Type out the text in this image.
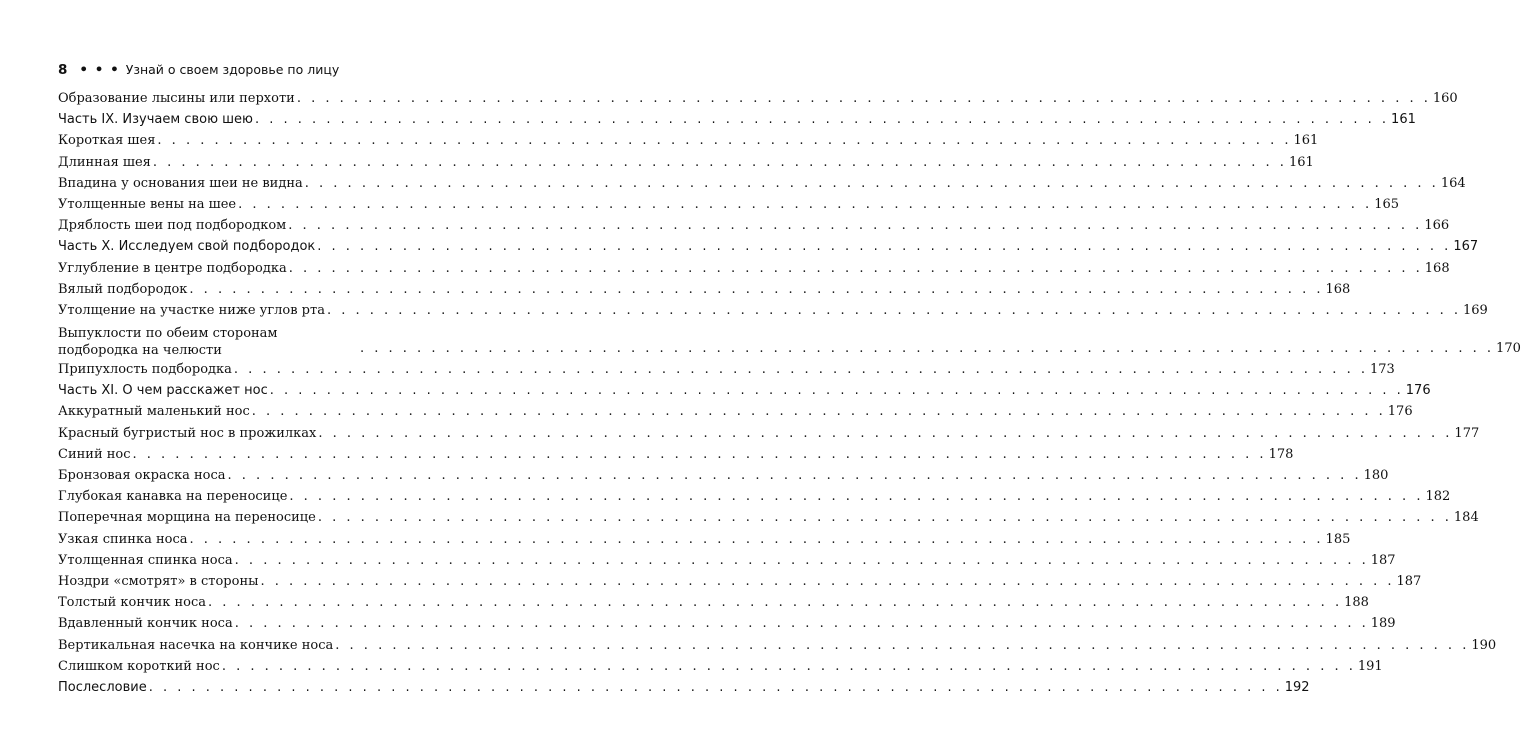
8 • • • Узнай о своем здоровье по лицу
Образование лысины или перхоти . . . . . . . . . . . . . . . . . . . . . . . . . . . . . . . . . . . . . . . . . . . . . . . . . . . . . . . . . . . . . . . . . . . . . . . . . . . . . . . . 160
Часть IX. Изучаем свою шею . . . . . . . . . . . . . . . . . . . . . . . . . . . . . . . . . . . . . . . . . . . . . . . . . . . . . . . . . . . . . . . . . . . . . . . . . . . . . . . . 161
Короткая шея . . . . . . . . . . . . . . . . . . . . . . . . . . . . . . . . . . . . . . . . . . . . . . . . . . . . . . . . . . . . . . . . . . . . . . . . . . . . . . . . 161
Длинная шея . . . . . . . . . . . . . . . . . . . . . . . . . . . . . . . . . . . . . . . . . . . . . . . . . . . . . . . . . . . . . . . . . . . . . . . . . . . . . . . . 161
Впадина у основания шеи не видна . . . . . . . . . . . . . . . . . . . . . . . . . . . . . . . . . . . . . . . . . . . . . . . . . . . . . . . . . . . . . . . . . . . . . . . . . . . . . . . . 164
Утолщенные вены на шее . . . . . . . . . . . . . . . . . . . . . . . . . . . . . . . . . . . . . . . . . . . . . . . . . . . . . . . . . . . . . . . . . . . . . . . . . . . . . . . . 165
Дряблость шеи под подбородком . . . . . . . . . . . . . . . . . . . . . . . . . . . . . . . . . . . . . . . . . . . . . . . . . . . . . . . . . . . . . . . . . . . . . . . . . . . . . . . . 166
Часть X. Исследуем свой подбородок . . . . . . . . . . . . . . . . . . . . . . . . . . . . . . . . . . . . . . . . . . . . . . . . . . . . . . . . . . . . . . . . . . . . . . . . . . . . . . . . 167
Углубление в центре подбородка . . . . . . . . . . . . . . . . . . . . . . . . . . . . . . . . . . . . . . . . . . . . . . . . . . . . . . . . . . . . . . . . . . . . . . . . . . . . . . . . 168
Вялый подбородок . . . . . . . . . . . . . . . . . . . . . . . . . . . . . . . . . . . . . . . . . . . . . . . . . . . . . . . . . . . . . . . . . . . . . . . . . . . . . . . . 168
Утолщение на участке ниже углов рта . . . . . . . . . . . . . . . . . . . . . . . . . . . . . . . . . . . . . . . . . . . . . . . . . . . . . . . . . . . . . . . . . . . . . . . . . . . . . . . . 169
Выпуклости по обеим сторонам подбородка на челюсти	. . . . . . . . . . . . . . . . . . . . . . . . . . . . . . . . . . . . . . . . . . . . . . . . . . . . . . . . . . . . . . . . . . . . . . . . . . . . . . . . 170
Припухлость подбородка . . . . . . . . . . . . . . . . . . . . . . . . . . . . . . . . . . . . . . . . . . . . . . . . . . . . . . . . . . . . . . . . . . . . . . . . . . . . . . . . 173
Часть XI. О чем расскажет нос . . . . . . . . . . . . . . . . . . . . . . . . . . . . . . . . . . . . . . . . . . . . . . . . . . . . . . . . . . . . . . . . . . . . . . . . . . . . . . . . 176
Аккуратный маленький нос . . . . . . . . . . . . . . . . . . . . . . . . . . . . . . . . . . . . . . . . . . . . . . . . . . . . . . . . . . . . . . . . . . . . . . . . . . . . . . . . 176
Красный бугристый нос в прожилках . . . . . . . . . . . . . . . . . . . . . . . . . . . . . . . . . . . . . . . . . . . . . . . . . . . . . . . . . . . . . . . . . . . . . . . . . . . . . . . . 177
Синий нос . . . . . . . . . . . . . . . . . . . . . . . . . . . . . . . . . . . . . . . . . . . . . . . . . . . . . . . . . . . . . . . . . . . . . . . . . . . . . . . . 178
Бронзовая окраска носа . . . . . . . . . . . . . . . . . . . . . . . . . . . . . . . . . . . . . . . . . . . . . . . . . . . . . . . . . . . . . . . . . . . . . . . . . . . . . . . . 180
Глубокая канавка на переносице . . . . . . . . . . . . . . . . . . . . . . . . . . . . . . . . . . . . . . . . . . . . . . . . . . . . . . . . . . . . . . . . . . . . . . . . . . . . . . . . 182
Поперечная морщина на переносице . . . . . . . . . . . . . . . . . . . . . . . . . . . . . . . . . . . . . . . . . . . . . . . . . . . . . . . . . . . . . . . . . . . . . . . . . . . . . . . . 184
Узкая спинка носа . . . . . . . . . . . . . . . . . . . . . . . . . . . . . . . . . . . . . . . . . . . . . . . . . . . . . . . . . . . . . . . . . . . . . . . . . . . . . . . . 185
Утолщенная спинка носа . . . . . . . . . . . . . . . . . . . . . . . . . . . . . . . . . . . . . . . . . . . . . . . . . . . . . . . . . . . . . . . . . . . . . . . . . . . . . . . . 187
Ноздри «смотрят» в стороны . . . . . . . . . . . . . . . . . . . . . . . . . . . . . . . . . . . . . . . . . . . . . . . . . . . . . . . . . . . . . . . . . . . . . . . . . . . . . . . . 187
Толстый кончик носа . . . . . . . . . . . . . . . . . . . . . . . . . . . . . . . . . . . . . . . . . . . . . . . . . . . . . . . . . . . . . . . . . . . . . . . . . . . . . . . . 188
Вдавленный кончик носа . . . . . . . . . . . . . . . . . . . . . . . . . . . . . . . . . . . . . . . . . . . . . . . . . . . . . . . . . . . . . . . . . . . . . . . . . . . . . . . . 189
Вертикальная насечка на кончике носа . . . . . . . . . . . . . . . . . . . . . . . . . . . . . . . . . . . . . . . . . . . . . . . . . . . . . . . . . . . . . . . . . . . . . . . . . . . . . . . . 190
Слишком короткий нос . . . . . . . . . . . . . . . . . . . . . . . . . . . . . . . . . . . . . . . . . . . . . . . . . . . . . . . . . . . . . . . . . . . . . . . . . . . . . . . . 191
Послесловие . . . . . . . . . . . . . . . . . . . . . . . . . . . . . . . . . . . . . . . . . . . . . . . . . . . . . . . . . . . . . . . . . . . . . . . . . . . . . . . . 192
